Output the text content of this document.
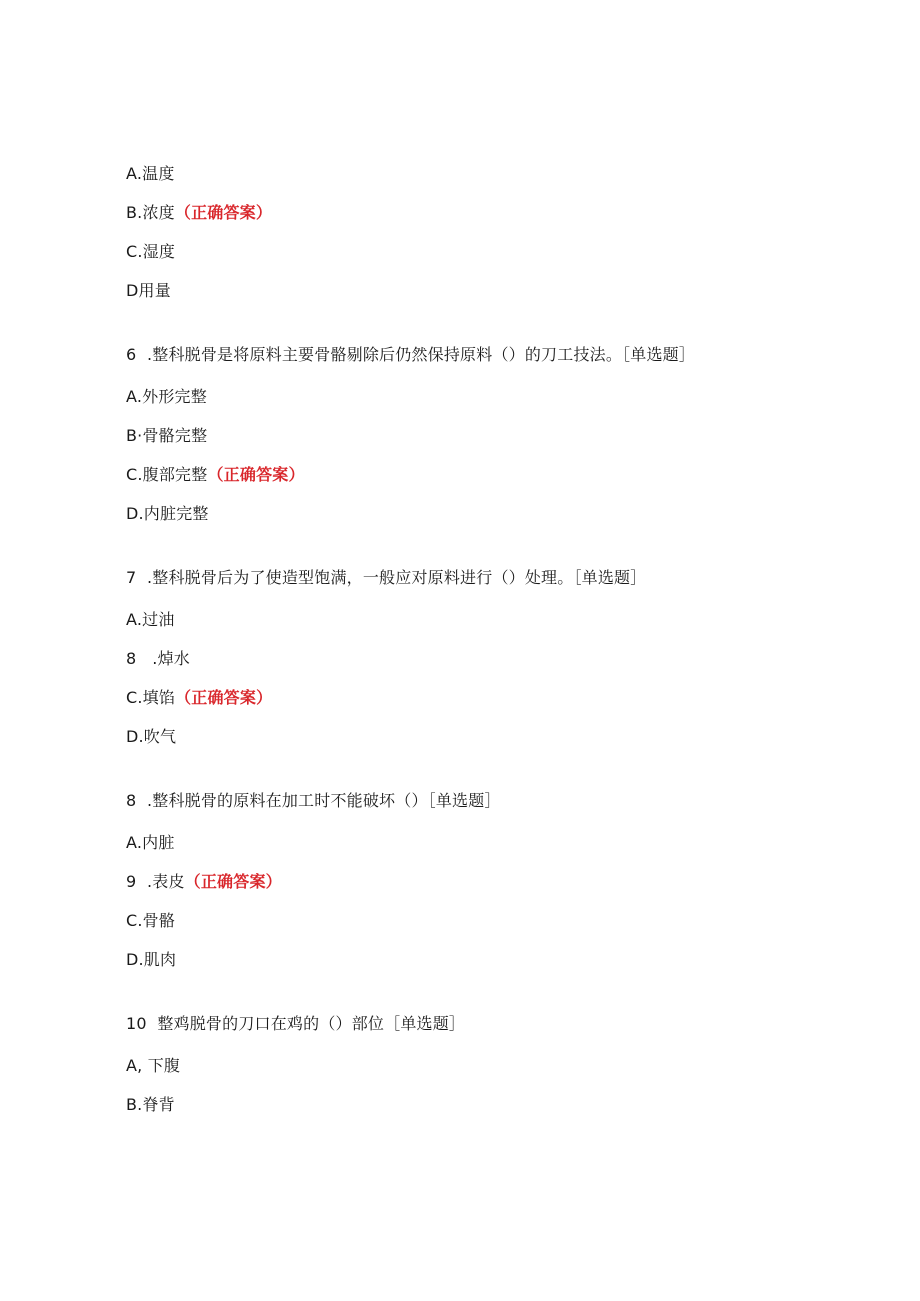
A.温度
B.浓度（正确答案）
C.湿度
D用量
6  .整科脱骨是将原料主要骨骼剔除后仍然保持原料（）的刀工技法。［单选题］
A.外形完整
B·骨骼完整
C.腹部完整（正确答案）
D.内脏完整
7  .整科脱骨后为了使造型饱满，一般应对原料进行（）处理。［单选题］
A.过油
8   .焯水
C.填馅（正确答案）
D.吹气
8  .整科脱骨的原料在加工时不能破坏（）［单选题］
A.内脏
9  .表皮（正确答案）
C.骨骼
D.肌肉
10  整鸡脱骨的刀口在鸡的（）部位［单选题］
A, 下腹
B.脊背
